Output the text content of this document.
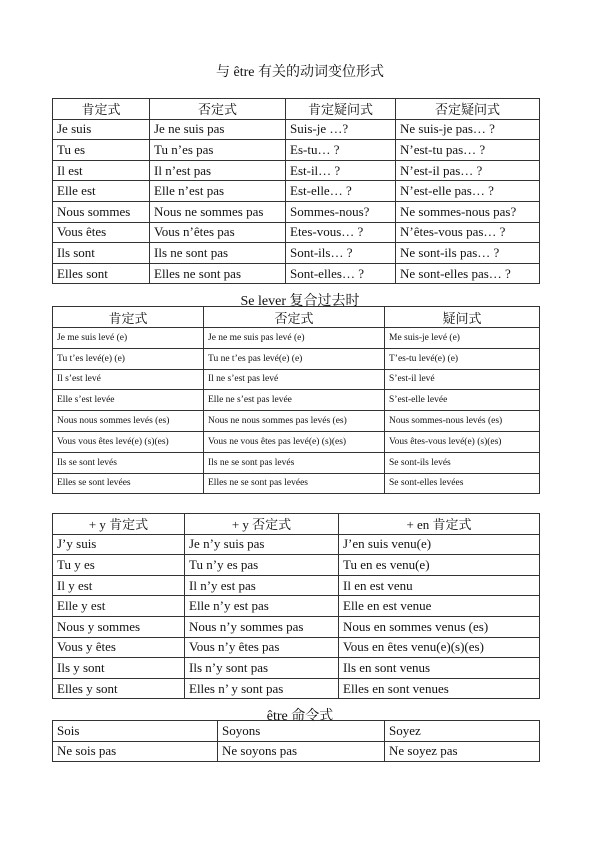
与 être 有关的动词变位形式
肯定式	否定式	肯定疑问式	否定疑问式
Je suis	Je ne suis pas	Suis-je …?	Ne suis-je pas… ?
Tu es	Tu n’es pas	Es-tu… ?	N’est-tu pas… ?
Il est	Il n’est pas	Est-il… ?	N’est-il pas… ?
Elle est	Elle n’est pas	Est-elle… ?	N’est-elle pas… ?
Nous sommes	Nous ne sommes pas	Sommes-nous?	Ne sommes-nous pas?
Vous êtes	Vous n’êtes pas	Etes-vous… ?	N’êtes-vous pas… ?
Ils sont	Ils ne sont pas	Sont-ils… ?	Ne sont-ils pas… ?
Elles sont	Elles ne sont pas	Sont-elles… ?	Ne sont-elles pas… ?
Se lever 复合过去时
肯定式	否定式	疑问式
Je me suis levé (e)	Je ne me suis pas levé (e)	Me suis-je levé (e)
Tu t’es levé(e) (e)	Tu ne t’es pas levé(e) (e)	T’es-tu levé(e) (e)
Il s’est levé	Il ne s’est pas levé	S’est-il levé
Elle s’est levée	Elle ne s’est pas levée	S’est-elle levée
Nous nous sommes levés (es)	Nous ne nous sommes pas levés (es)	Nous sommes-nous levés (es)
Vous vous êtes levé(e) (s)(es)	Vous ne vous êtes pas levé(e) (s)(es)	Vous êtes-vous levé(e) (s)(es)
Ils se sont levés	Ils ne se sont pas levés	Se sont-ils levés
Elles se sont levées	Elles ne se sont pas levées	Se sont-elles levées
+ y 肯定式	+ y 否定式	+ en 肯定式
J’y suis	Je n’y suis pas	J’en suis venu(e)
Tu y es	Tu n’y es pas	Tu en es venu(e)
Il y est	Il n’y est pas	Il en est venu
Elle y est	Elle n’y est pas	Elle en est venue
Nous y sommes	Nous n’y sommes pas	Nous en sommes venus (es)
Vous y êtes	Vous n’y êtes pas	Vous en êtes venu(e)(s)(es)
Ils y sont	Ils n’y sont pas	Ils en sont venus
Elles y sont	Elles n’ y sont pas	Elles en sont venues
être 命令式
Sois	Soyons	Soyez
Ne sois pas	Ne soyons pas	Ne soyez pas
